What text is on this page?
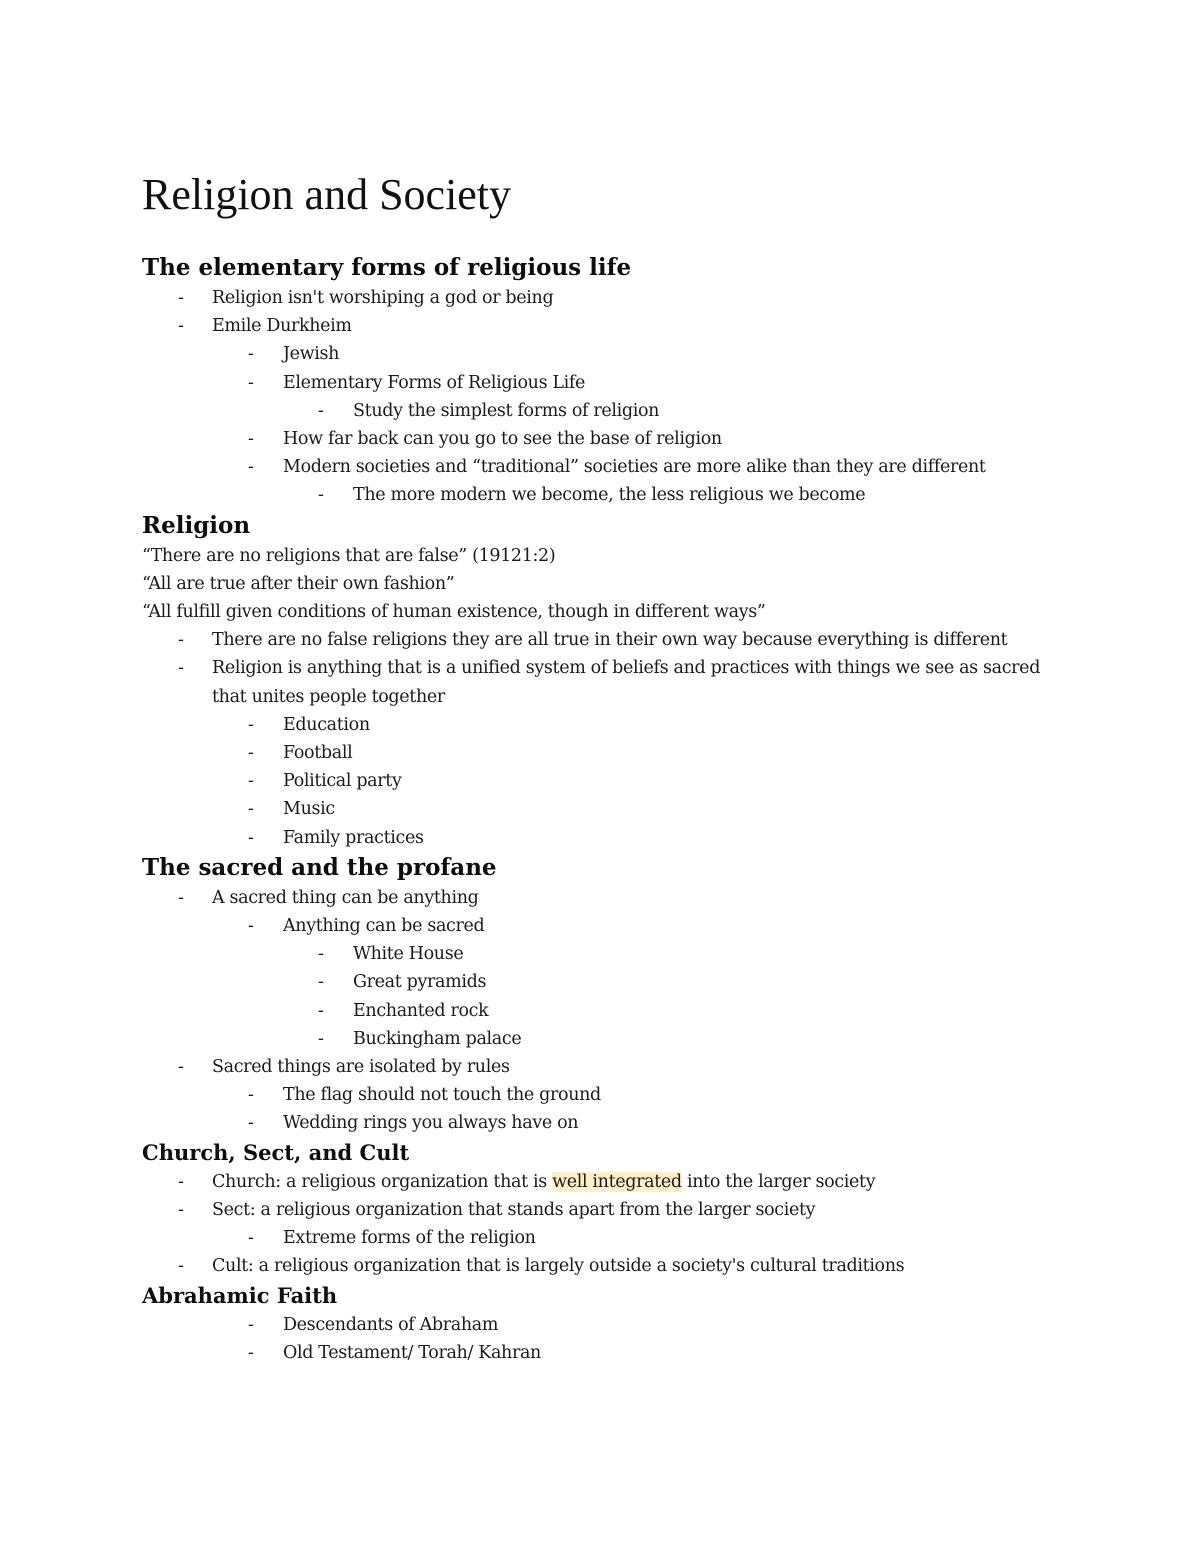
Religion and Society
The elementary forms of religious life
- Religion isn't worshiping a god or being
- Emile Durkheim
- Jewish
- Elementary Forms of Religious Life
- Study the simplest forms of religion
- How far back can you go to see the base of religion
- Modern societies and “traditional” societies are more alike than they are different
- The more modern we become, the less religious we become
Religion
“There are no religions that are false” (19121:2)
“All are true after their own fashion”
“All fulfill given conditions of human existence, though in different ways”
- There are no false religions they are all true in their own way because everything is different
- Religion is anything that is a unified system of beliefs and practices with things we see as sacred that unites people together
- Education
- Football
- Political party
- Music
- Family practices
The sacred and the profane
- A sacred thing can be anything
- Anything can be sacred
- White House
- Great pyramids
- Enchanted rock
- Buckingham palace
- Sacred things are isolated by rules
- The flag should not touch the ground
- Wedding rings you always have on
Church, Sect, and Cult
- Church: a religious organization that is well integrated into the larger society
- Sect: a religious organization that stands apart from the larger society
- Extreme forms of the religion
- Cult: a religious organization that is largely outside a society's cultural traditions
Abrahamic Faith
- Descendants of Abraham
- Old Testament/ Torah/ Kahran
